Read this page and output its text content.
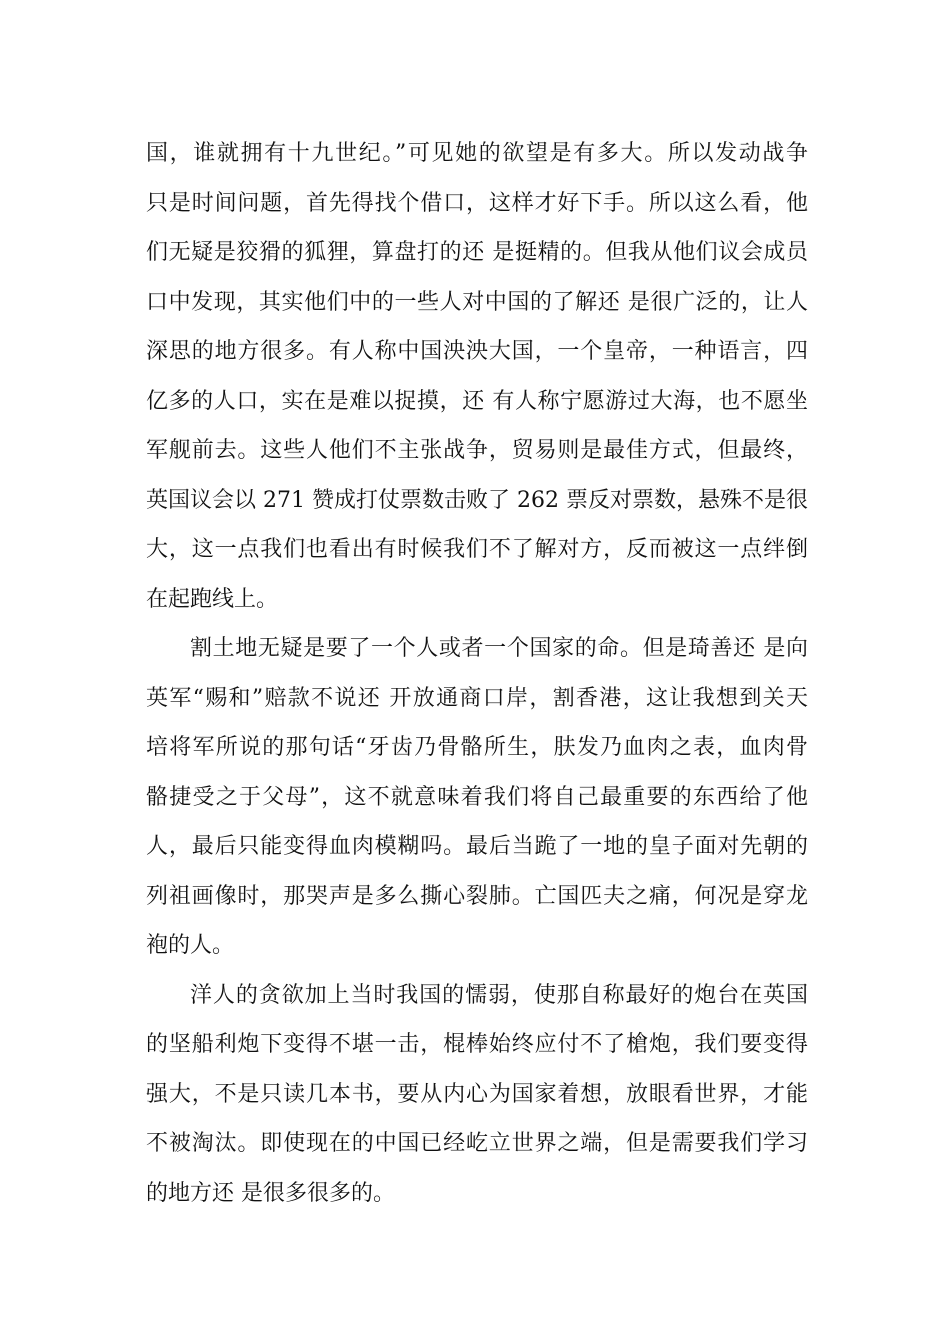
国，谁就拥有十九世纪。”可见她的欲望是有多大。所以发动战争
只是时间问题，首先得找个借口，这样才好下手。所以这么看，他
们无疑是狡猾的狐狸，算盘打的还 是挺精的。但我从他们议会成员
口中发现，其实他们中的一些人对中国的了解还 是很广泛的，让人
深思的地方很多。有人称中国泱泱大国，一个皇帝，一种语言，四
亿多的人口，实在是难以捉摸，还 有人称宁愿游过大海，也不愿坐
军舰前去。这些人他们不主张战争，贸易则是最佳方式，但最终，
英国议会以 271 赞成打仗票数击败了 262 票反对票数，悬殊不是很
大，这一点我们也看出有时候我们不了解对方，反而被这一点绊倒
在起跑线上。
割土地无疑是要了一个人或者一个国家的命。但是琦善还 是向
英军“赐和”赔款不说还 开放通商口岸，割香港，这让我想到关天
培将军所说的那句话“牙齿乃骨骼所生，肤发乃血肉之表，血肉骨
骼捷受之于父母”，这不就意味着我们将自己最重要的东西给了他
人，最后只能变得血肉模糊吗。最后当跪了一地的皇子面对先朝的
列祖画像时，那哭声是多么撕心裂肺。亡国匹夫之痛，何况是穿龙
袍的人。
洋人的贪欲加上当时我国的懦弱，使那自称最好的炮台在英国
的坚船利炮下变得不堪一击，棍棒始终应付不了槍炮，我们要变得
强大，不是只读几本书，要从内心为国家着想，放眼看世界，才能
不被淘汰。即使现在的中国已经屹立世界之端，但是需要我们学习
的地方还 是很多很多的。
